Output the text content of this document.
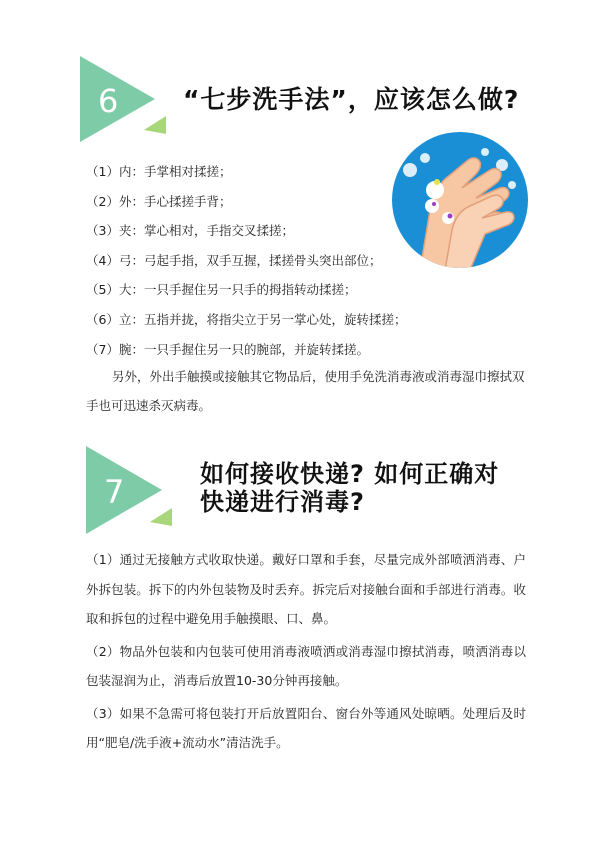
6	“七步洗手法”，应该怎么做?
（1）内：手掌相对揉搓；
（2）外：手心揉搓手背；
（3）夹：掌心相对，手指交叉揉搓；
（4）弓：弓起手指，双手互握，揉搓骨头突出部位；
（5）大：一只手握住另一只手的拇指转动揉搓；
（6）立：五指并拢，将指尖立于另一掌心处，旋转揉搓；
（7）腕：一只手握住另一只的腕部，并旋转揉搓。
另外，外出手触摸或接触其它物品后，使用手免洗消毒液或消毒湿巾擦拭双手也可迅速杀灭病毒。
7	如何接收快递? 如何正确对
快递进行消毒?

（1）通过无接触方式收取快递。戴好口罩和手套，尽量完成外部喷洒消毒、户外拆包装。拆下的内外包装物及时丢弃。拆完后对接触台面和手部进行消毒。收取和拆包的过程中避免用手触摸眼、口、鼻。

（2）物品外包装和内包装可使用消毒液喷洒或消毒湿巾擦拭消毒，喷洒消毒以包装湿润为止，消毒后放置10-30分钟再接触。

（3）如果不急需可将包装打开后放置阳台、窗台外等通风处晾晒。处理后及时用“肥皂/洗手液+流动水”清洁洗手。
